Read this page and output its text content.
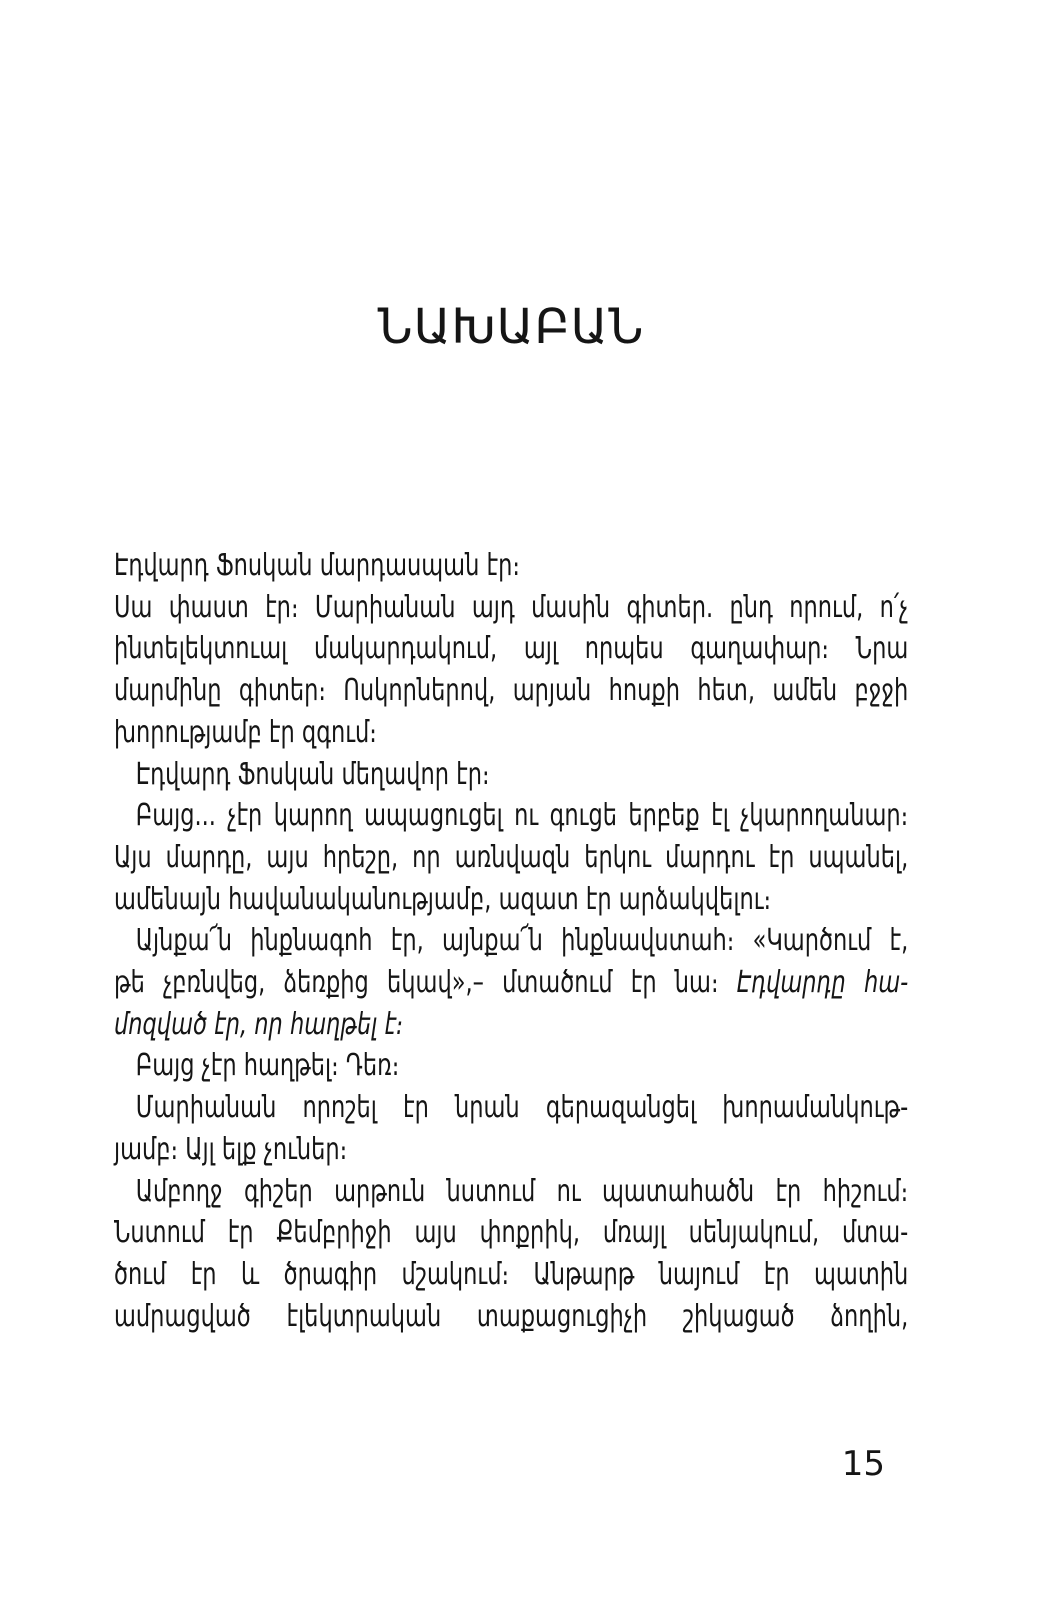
ՆԱԽԱԲԱՆ
Էդվարդ Ֆոսկան մարդասպան էր։
Սա փաստ էր։ Մարիանան այդ մասին գիտեր. ընդ որում, ո՛չ
ինտելեկտուալ մակարդակում, այլ որպես գաղափար։ Նրա
մարմինը գիտեր։ Ոսկորներով, արյան հոսքի հետ, ամեն բջջի
խորությամբ էր զգում։
Էդվարդ Ֆոսկան մեղավոր էր։
Բայց... չէր կարող ապացուցել ու գուցե երբեք էլ չկարողանար։
Այս մարդը, այս հրեշը, որ առնվազն երկու մարդու էր սպանել,
ամենայն հավանականությամբ, ազատ էր արձակվելու։
Այնքա՜ն ինքնագոհ էր, այնքա՜ն ինքնավստահ։ «Կարծում է,
թե չբռնվեց, ձեռքից եկավ»,– մտածում էր նա։ Էդվարդը հա-
մոզված էր, որ հաղթել է։
Բայց չէր հաղթել։ Դեռ։
Մարիանան որոշել էր նրան գերազանցել խորամանկութ-
յամբ։ Այլ ելք չուներ։
Ամբողջ գիշեր արթուն նստում ու պատահածն էր հիշում։
Նստում էր Քեմբրիջի այս փոքրիկ, մռայլ սենյակում, մտա-
ծում էր և ծրագիր մշակում։ Անթարթ նայում էր պատին
ամրացված էլեկտրական տաքացուցիչի շիկացած ձողին,
15
